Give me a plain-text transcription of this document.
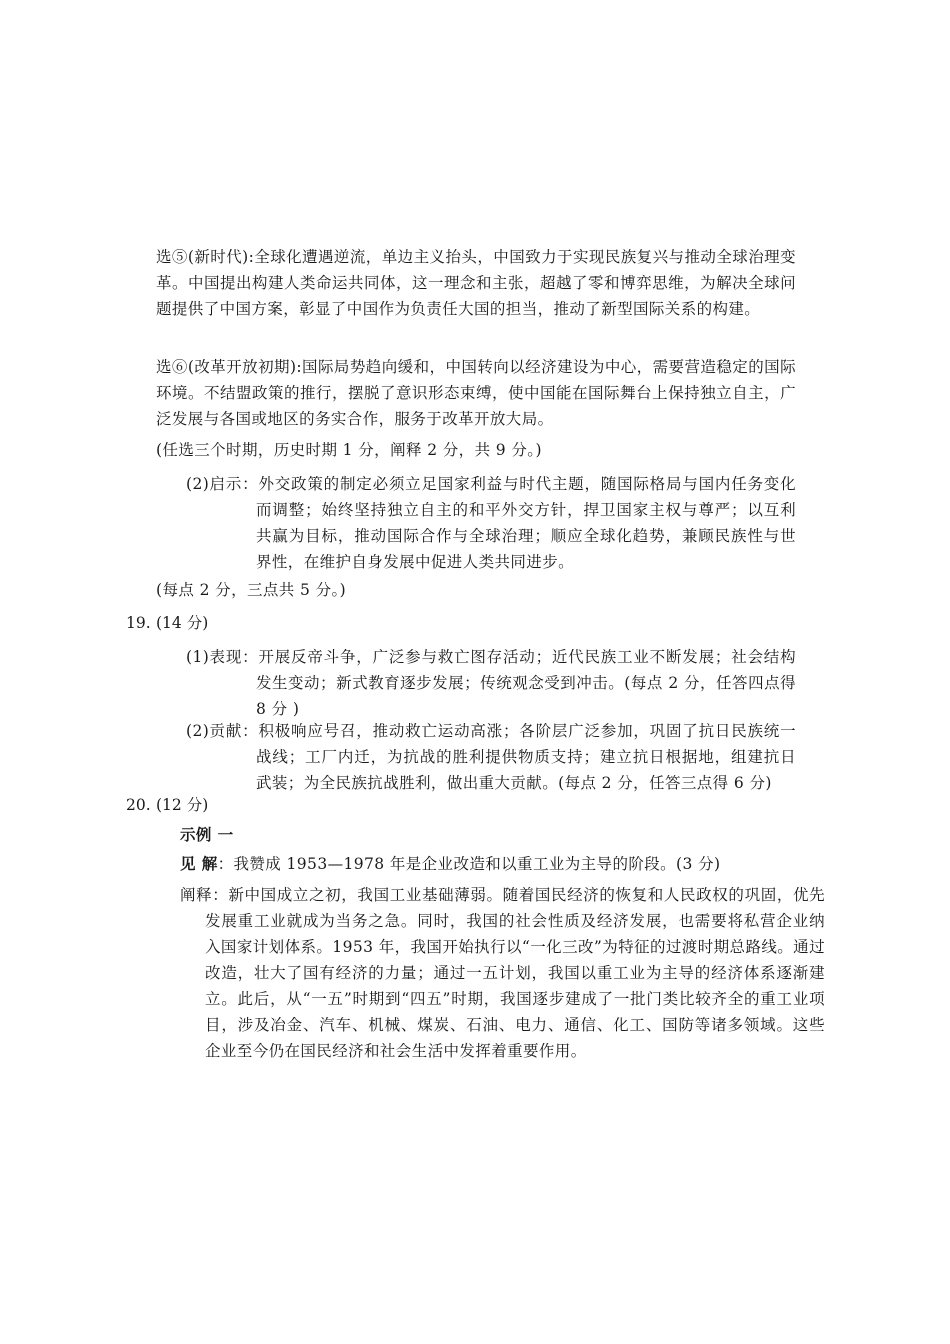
选⑤(新时代):全球化遭遇逆流，单边主义抬头，中国致力于实现民族复兴与推动全球治理变革。中国提出构建人类命运共同体，这一理念和主张，超越了零和博弈思维，为解决全球问题提供了中国方案，彰显了中国作为负责任大国的担当，推动了新型国际关系的构建。

选⑥(改革开放初期):国际局势趋向缓和，中国转向以经济建设为中心，需要营造稳定的国际环境。不结盟政策的推行，摆脱了意识形态束缚，使中国能在国际舞台上保持独立自主，广泛发展与各国或地区的务实合作，服务于改革开放大局。

(任选三个时期，历史时期 1 分，阐释 2 分，共 9 分。)

(2)启示：外交政策的制定必须立足国家利益与时代主题，随国际格局与国内任务变化而调整；始终坚持独立自主的和平外交方针，捍卫国家主权与尊严；以互利共赢为目标，推动国际合作与全球治理；顺应全球化趋势，兼顾民族性与世界性，在维护自身发展中促进人类共同进步。

(每点 2 分，三点共 5 分。)

19. (14 分)

(1)表现：开展反帝斗争，广泛参与救亡图存活动；近代民族工业不断发展；社会结构发生变动；新式教育逐步发展；传统观念受到冲击。(每点 2 分，任答四点得 8 分 )

(2)贡献：积极响应号召，推动救亡运动高涨；各阶层广泛参加，巩固了抗日民族统一战线；工厂内迁，为抗战的胜利提供物质支持；建立抗日根据地，组建抗日武装；为全民族抗战胜利，做出重大贡献。(每点 2 分，任答三点得 6 分)

20. (12 分)

示例 一

见 解：我赞成 1953—1978 年是企业改造和以重工业为主导的阶段。(3 分)

阐释：新中国成立之初，我国工业基础薄弱。随着国民经济的恢复和人民政权的巩固，优先发展重工业就成为当务之急。同时，我国的社会性质及经济发展，也需要将私营企业纳入国家计划体系。1953 年，我国开始执行以“一化三改”为特征的过渡时期总路线。通过改造，壮大了国有经济的力量；通过一五计划，我国以重工业为主导的经济体系逐渐建立。此后，从“一五”时期到“四五”时期，我国逐步建成了一批门类比较齐全的重工业项目，涉及冶金、汽车、机械、煤炭、石油、电力、通信、化工、国防等诸多领域。这些企业至今仍在国民经济和社会生活中发挥着重要作用。
